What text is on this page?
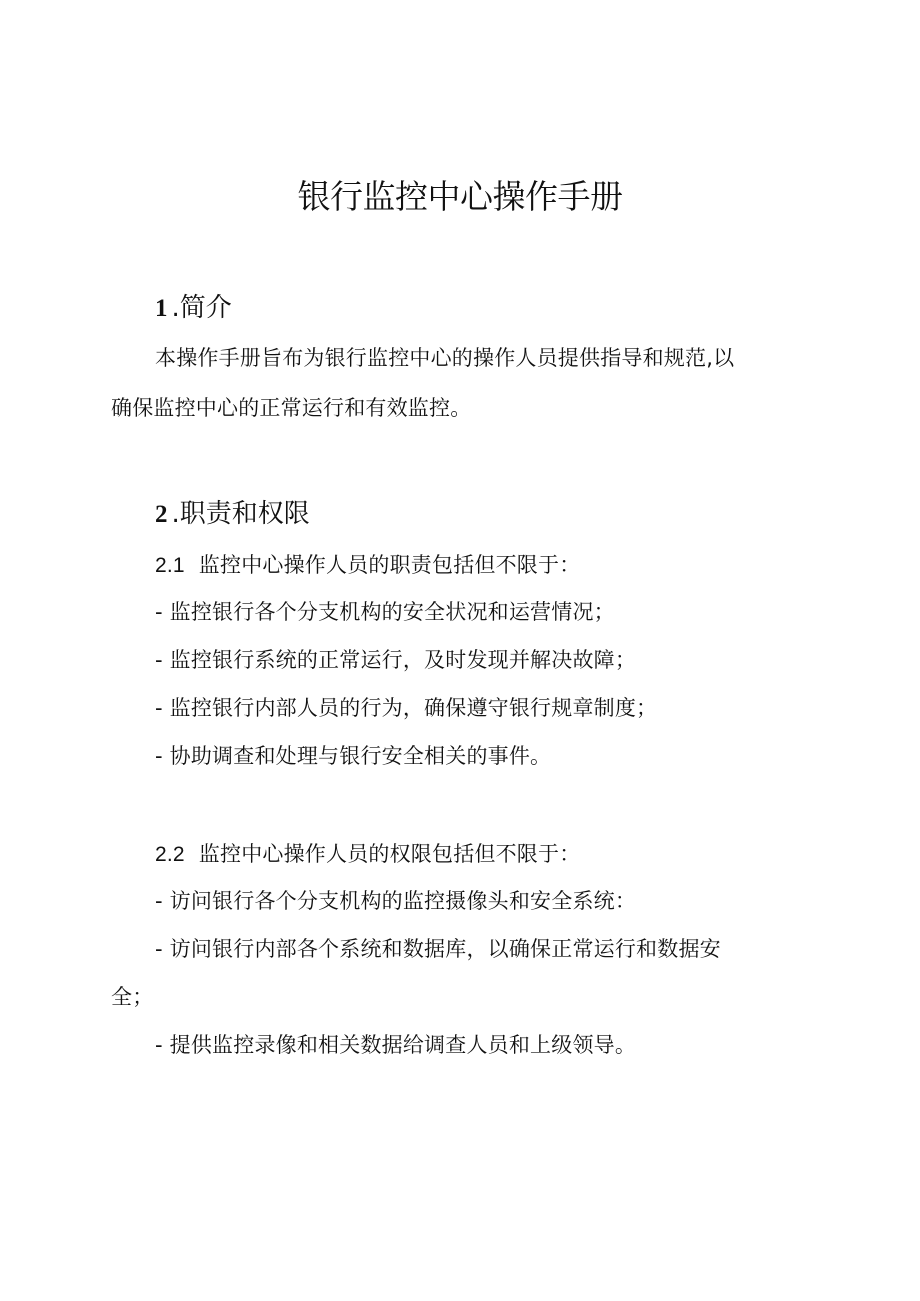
银行监控中心操作手册
1 .简介
本操作手册旨布为银行监控中心的操作人员提供指导和规范,以
确保监控中心的正常运行和有效监控。
2 .职责和权限
2.1 监控中心操作人员的职责包括但不限于：
- 监控银行各个分支机构的安全状况和运营情况；
- 监控银行系统的正常运行，及时发现并解决故障；
- 监控银行内部人员的行为，确保遵守银行规章制度；
- 协助调查和处理与银行安全相关的事件。
2.2 监控中心操作人员的权限包括但不限于：
- 访问银行各个分支机构的监控摄像头和安全系统：
- 访问银行内部各个系统和数据库，以确保正常运行和数据安
全；
- 提供监控录像和相关数据给调查人员和上级领导。
